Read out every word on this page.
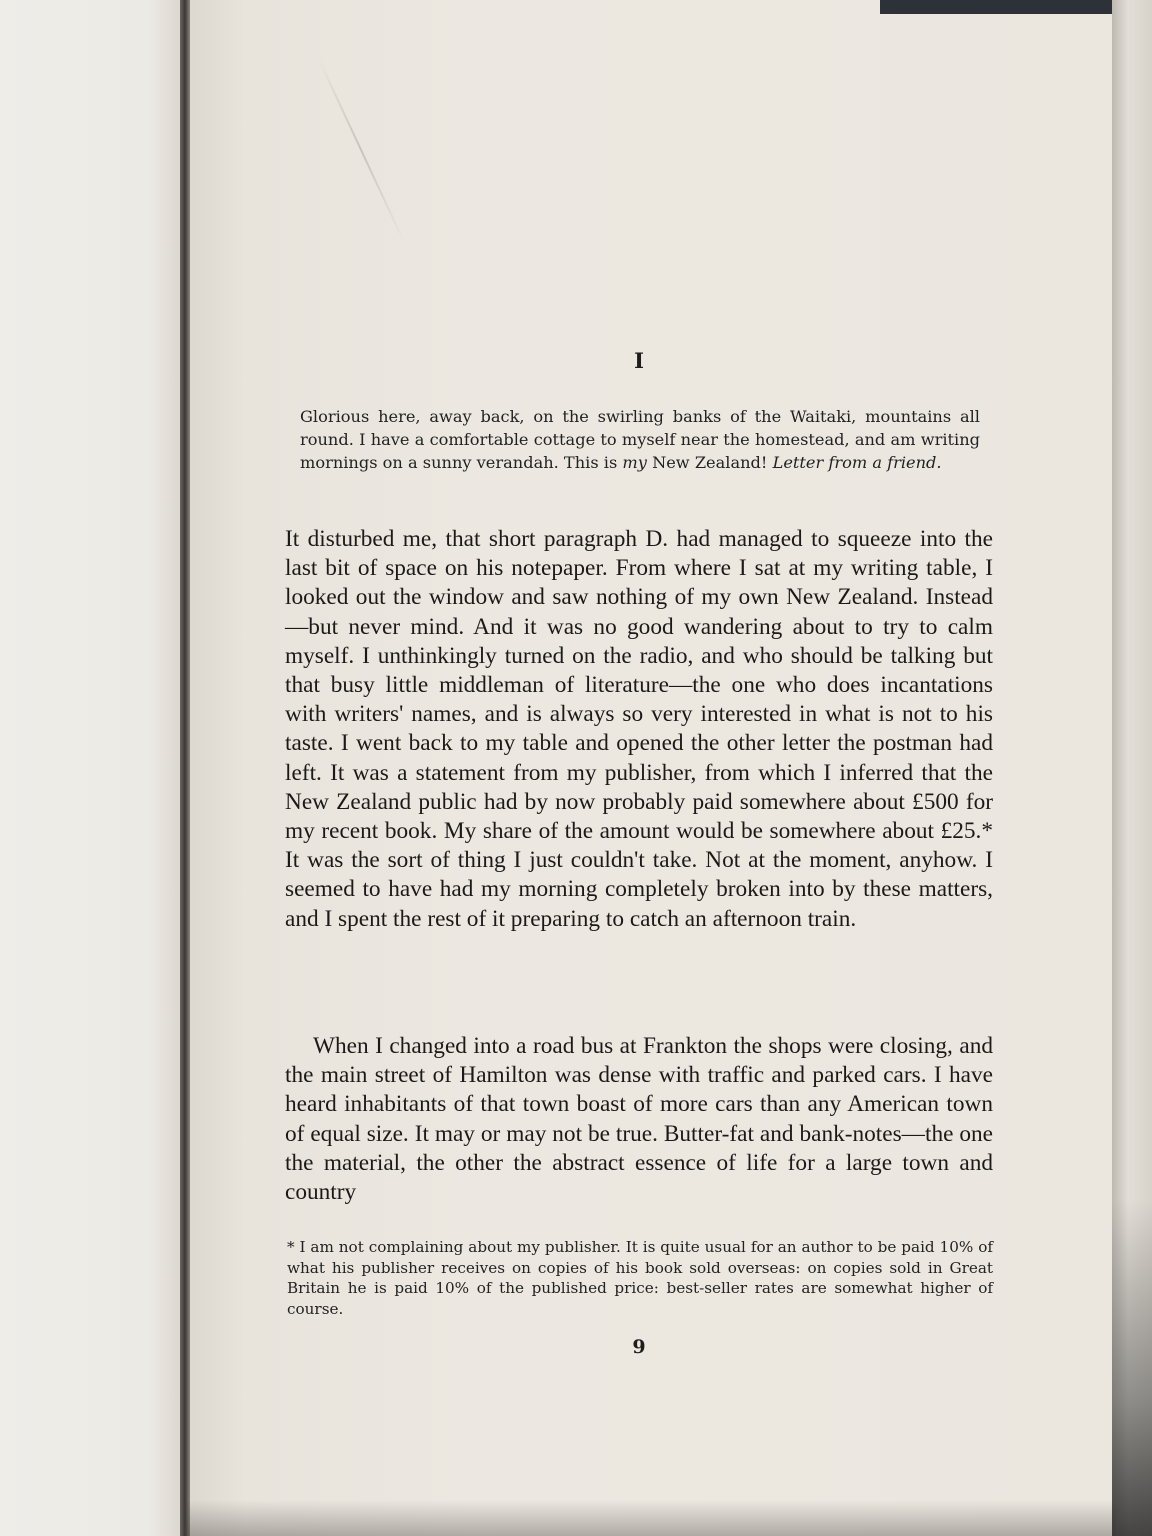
I
Glorious here, away back, on the swirling banks of the Waitaki, mountains all round. I have a comfortable cottage to myself near the homestead, and am writing mornings on a sunny verandah. This is my New Zealand! Letter from a friend.

It disturbed me, that short paragraph D. had managed to squeeze into the last bit of space on his notepaper. From where I sat at my writing table, I looked out the window and saw nothing of my own New Zealand. Instead—but never mind. And it was no good wandering about to try to calm myself. I unthinkingly turned on the radio, and who should be talking but that busy little middleman of literature—the one who does incantations with writers' names, and is always so very interested in what is not to his taste. I went back to my table and opened the other letter the postman had left. It was a statement from my publisher, from which I inferred that the New Zealand public had by now probably paid somewhere about £500 for my recent book. My share of the amount would be somewhere about £25.* It was the sort of thing I just couldn't take. Not at the moment, anyhow. I seemed to have had my morning completely broken into by these matters, and I spent the rest of it preparing to catch an afternoon train.

When I changed into a road bus at Frankton the shops were closing, and the main street of Hamilton was dense with traffic and parked cars. I have heard inhabitants of that town boast of more cars than any American town of equal size. It may or may not be true. Butter-fat and bank-notes—the one the material, the other the abstract essence of life for a large town and country

* I am not complaining about my publisher. It is quite usual for an author to be paid 10% of what his publisher receives on copies of his book sold overseas: on copies sold in Great Britain he is paid 10% of the published price: best-seller rates are somewhat higher of course.
9
